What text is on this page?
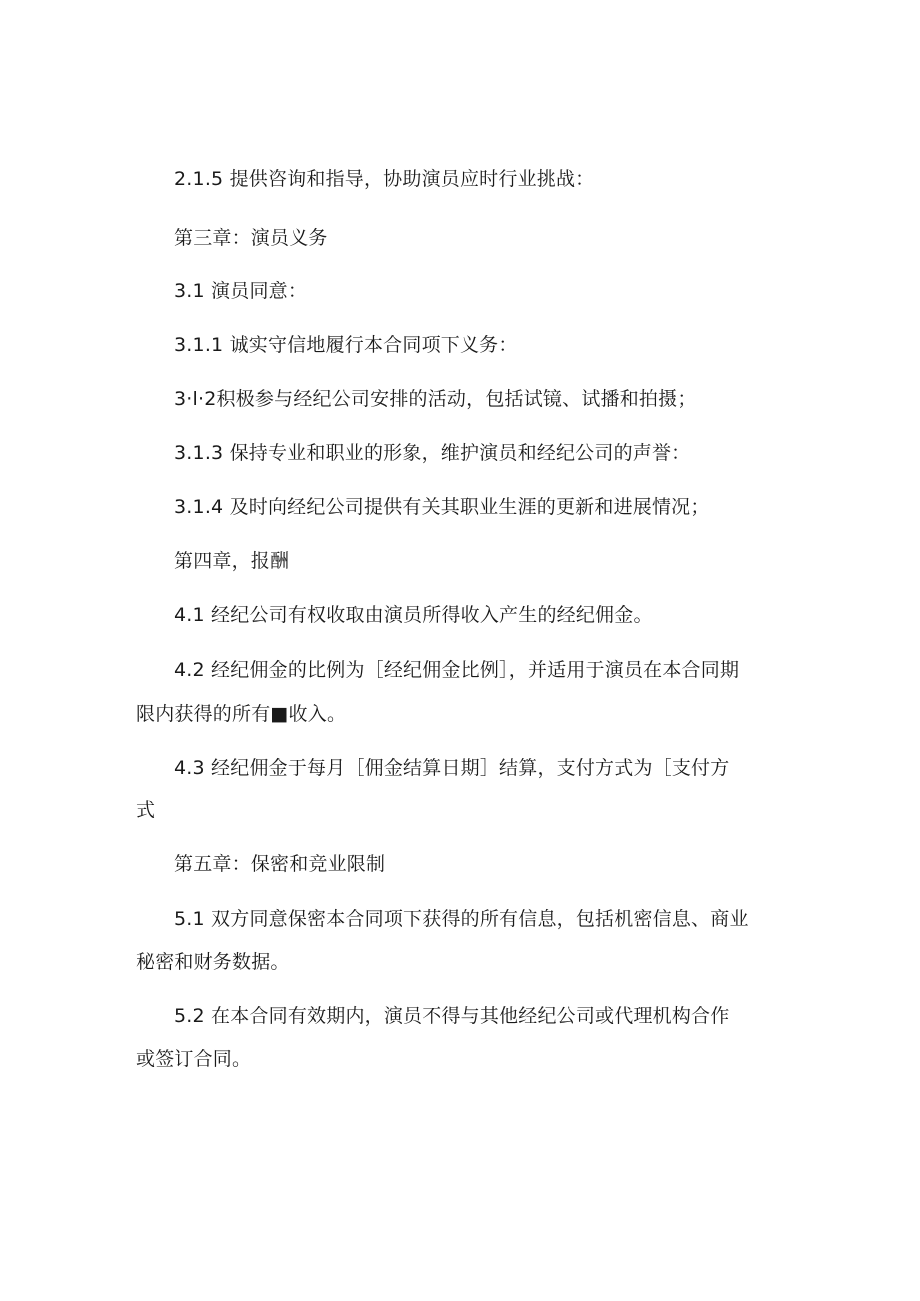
2.1.5 提供咨询和指导，协助演员应时行业挑战：
第三章：演员义务
3.1 演员同意：
3.1.1 诚实守信地履行本合同项下义务：
3·l·2积极参与经纪公司安排的活动，包括试镜、试播和拍摄；
3.1.3 保持专业和职业的形象，维护演员和经纪公司的声誉：
3.1.4 及时向经纪公司提供有关其职业生涯的更新和进展情况；
第四章，报酬
4.1 经纪公司有权收取由演员所得收入产生的经纪佣金。
4.2 经纪佣金的比例为［经纪佣金比例］，并适用于演员在本合同期
限内获得的所有■收入。
4.3 经纪佣金于每月［佣金结算日期］结算，支付方式为［支付方
式
第五章：保密和竞业限制
5.1 双方同意保密本合同项下获得的所有信息，包括机密信息、商业
秘密和财务数据。
5.2 在本合同有效期内，演员不得与其他经纪公司或代理机构合作
或签订合同。
